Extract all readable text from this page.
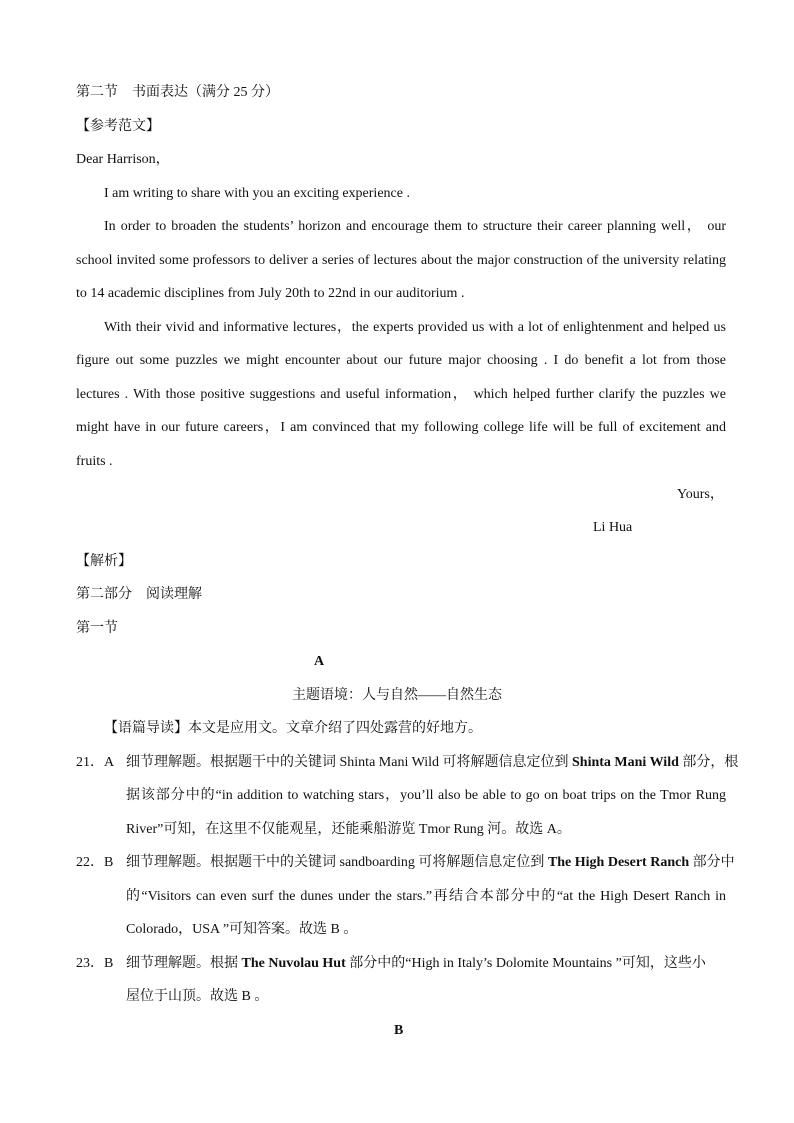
第二节　书面表达（满分 25 分）
【参考范文】
Dear Harrison，
I am writing to share with you an exciting experience .
In order to broaden the students’ horizon and encourage them to structure their career planning well， our
school invited some professors to deliver a series of lectures about the major construction of the university relating
to 14 academic disciplines from July 20th to 22nd in our auditorium .
With their vivid and informative lectures，the experts provided us with a lot of enlightenment and helped us
figure out some puzzles we might encounter about our future major choosing . I do benefit a lot from those
lectures . With those positive suggestions and useful information， which helped further clarify the puzzles we
might have in our future careers，I am convinced that my following college life will be full of excitement and
fruits .
Yours，
Li Hua
【解析】
第二部分　阅读理解
第一节
A
主题语境：人与自然——自然生态
【语篇导读】本文是应用文。文章介绍了四处露营的好地方。
21．A 细节理解题。根据题干中的关键词 Shinta Mani Wild 可将解题信息定位到 Shinta Mani Wild 部分，根
据该部分中的“in addition to watching stars，you’ll also be able to go on boat trips on the Tmor Rung
River”可知，在这里不仅能观星，还能乘船游览 Tmor Rung 河。故选 A。
22．B 细节理解题。根据题干中的关键词 sandboarding 可将解题信息定位到 The High Desert Ranch 部分中
的“Visitors can even surf the dunes under the stars.”再结合本部分中的“at the High Desert Ranch in
Colorado，USA ”可知答案。故选 B 。
23．B 细节理解题。根据 The Nuvolau Hut 部分中的“High in Italy’s Dolomite Mountains ”可知，这些小
屋位于山顶。故选 B 。
B
